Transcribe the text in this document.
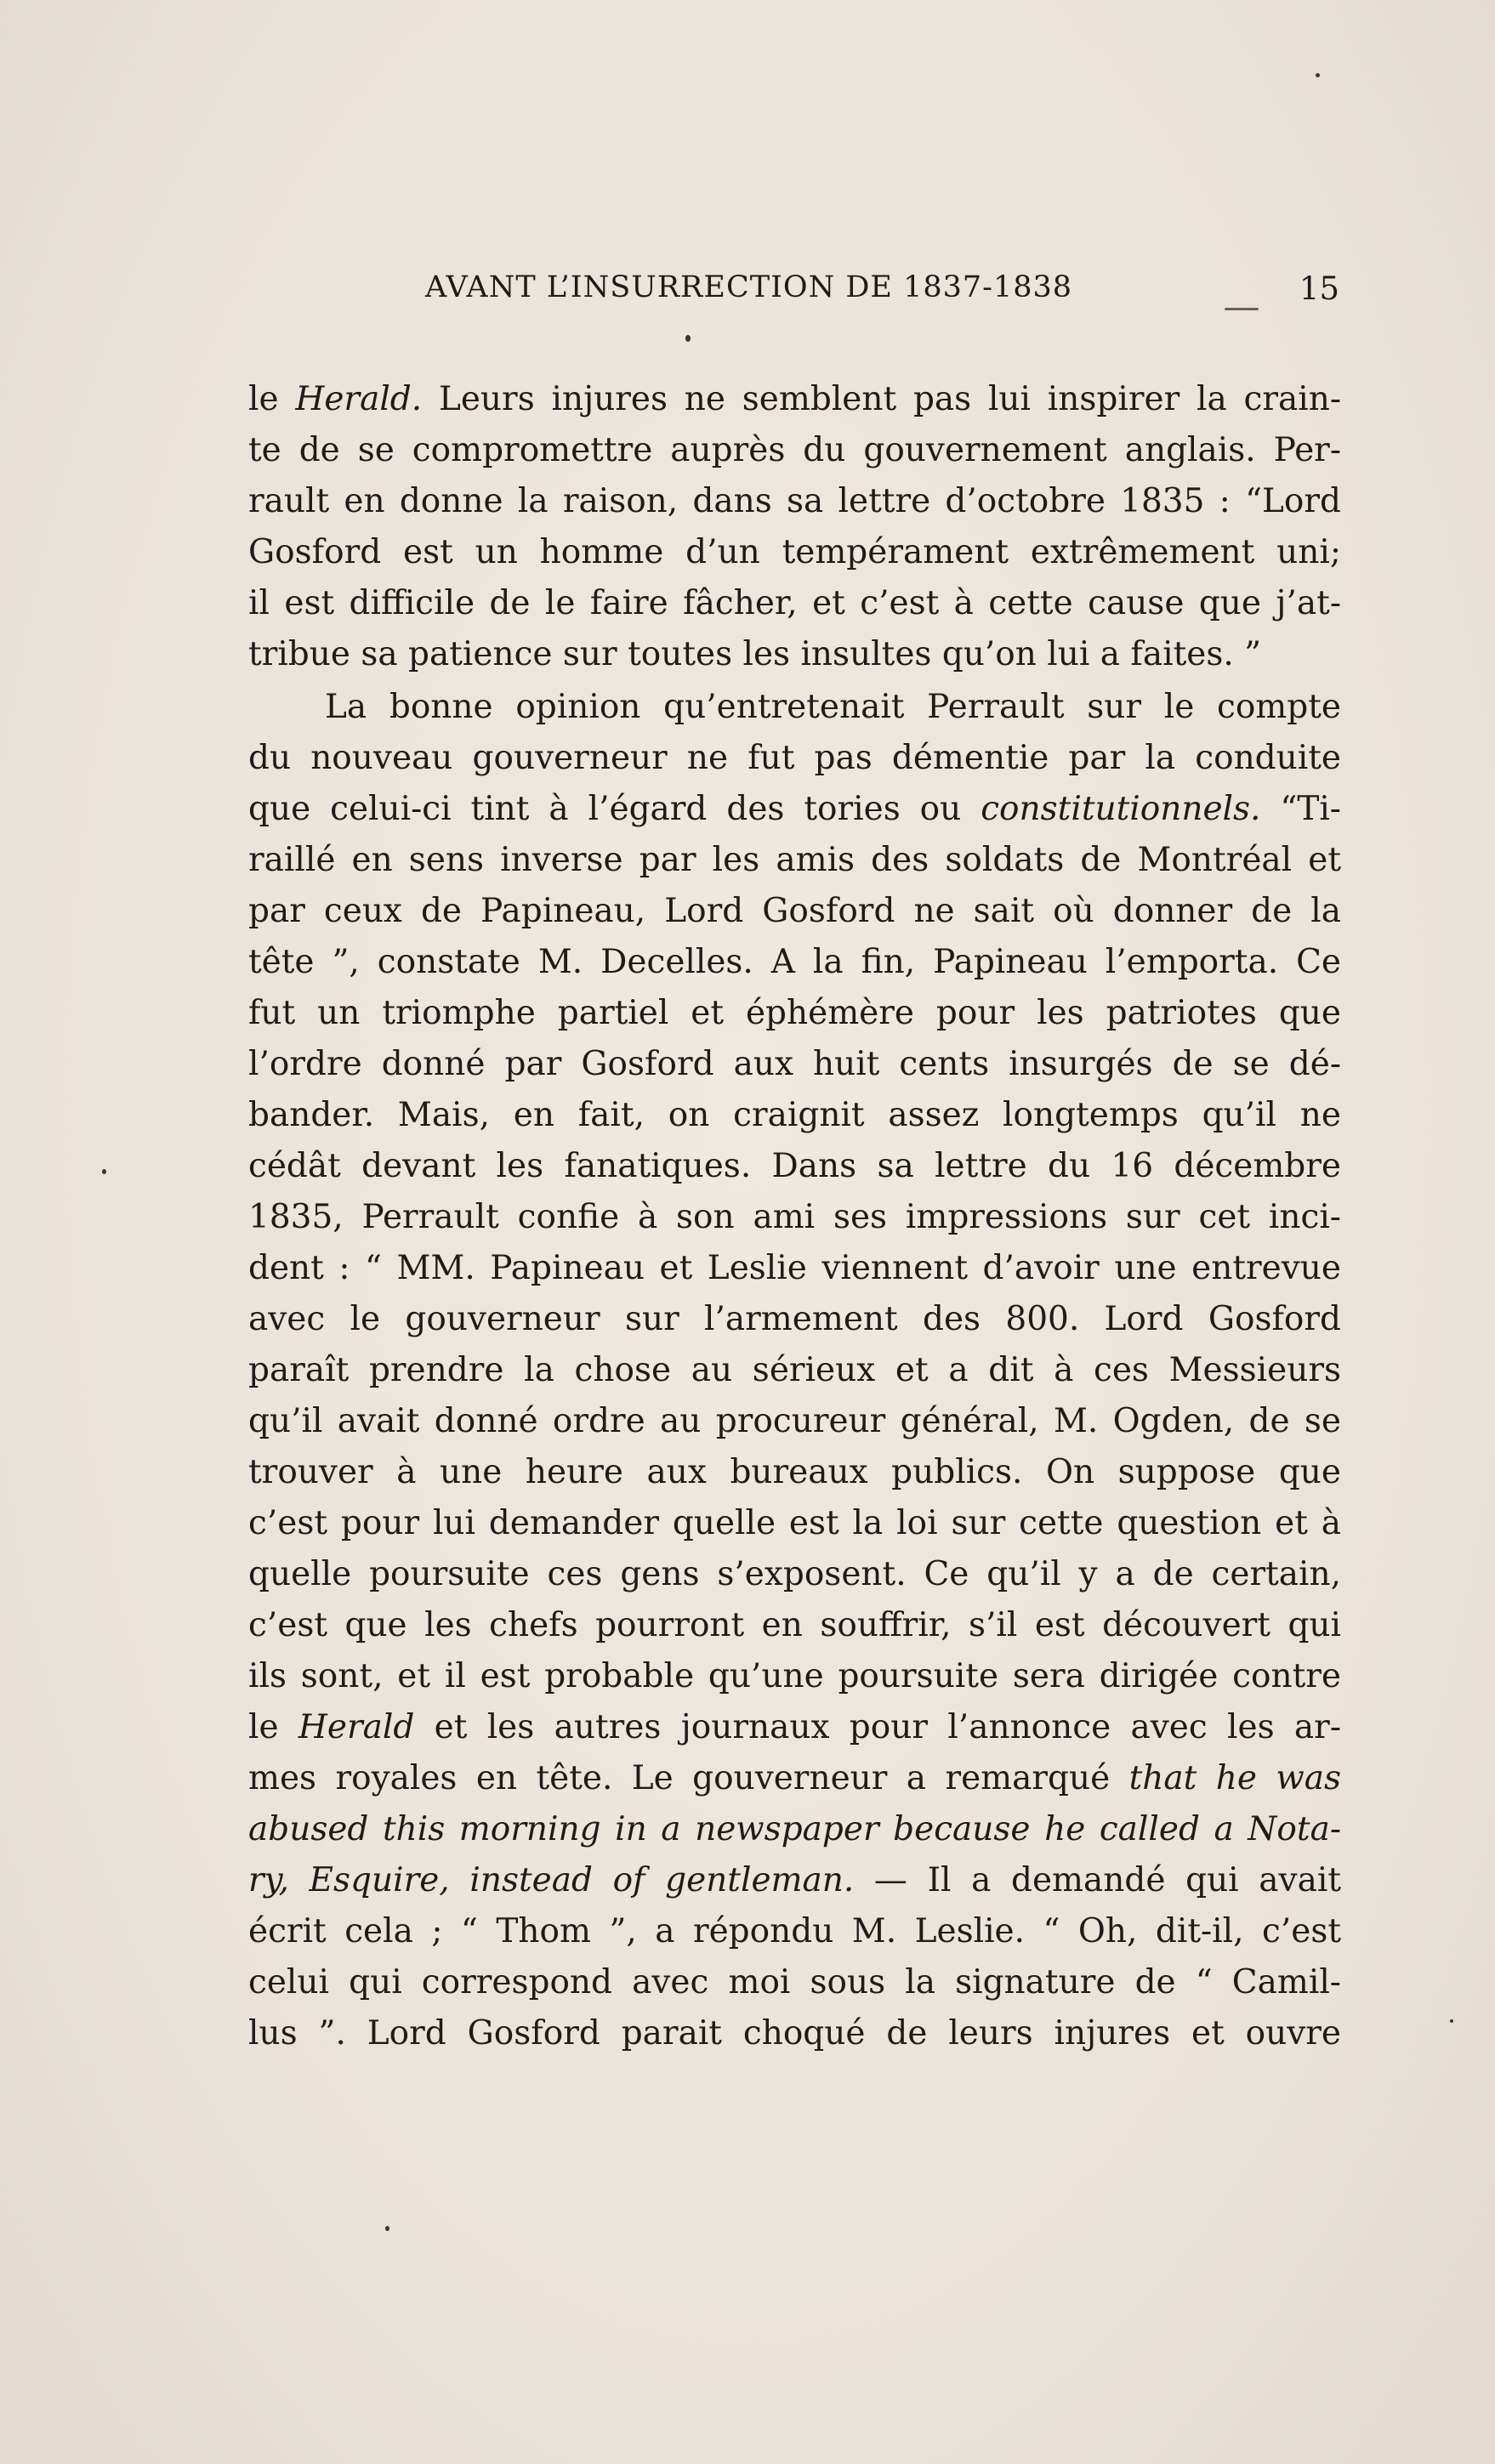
AVANT L’INSURRECTION DE 1837-1838	15
le Herald. Leurs injures ne semblent pas lui inspirer la crain-
te de se compromettre auprès du gouvernement anglais. Per-
rault en donne la raison, dans sa lettre d’octobre 1835 : “Lord
Gosford est un homme d’un tempérament extrêmement uni;
il est difficile de le faire fâcher, et c’est à cette cause que j’at-
tribue sa patience sur toutes les insultes qu’on lui a faites. ”
La bonne opinion qu’entretenait Perrault sur le compte
du nouveau gouverneur ne fut pas démentie par la conduite
que celui-ci tint à l’égard des tories ou constitutionnels. “Ti-
raillé en sens inverse par les amis des soldats de Montréal et
par ceux de Papineau, Lord Gosford ne sait où donner de la
tête ”, constate M. Decelles. A la fin, Papineau l’emporta. Ce
fut un triomphe partiel et éphémère pour les patriotes que
l’ordre donné par Gosford aux huit cents insurgés de se dé-
bander. Mais, en fait, on craignit assez longtemps qu’il ne
cédât devant les fanatiques. Dans sa lettre du 16 décembre
1835, Perrault confie à son ami ses impressions sur cet inci-
dent : “ MM. Papineau et Leslie viennent d’avoir une entrevue
avec le gouverneur sur l’armement des 800. Lord Gosford
paraît prendre la chose au sérieux et a dit à ces Messieurs
qu’il avait donné ordre au procureur général, M. Ogden, de se
trouver à une heure aux bureaux publics. On suppose que
c’est pour lui demander quelle est la loi sur cette question et à
quelle poursuite ces gens s’exposent. Ce qu’il y a de certain,
c’est que les chefs pourront en souffrir, s’il est découvert qui
ils sont, et il est probable qu’une poursuite sera dirigée contre
le Herald et les autres journaux pour l’annonce avec les ar-
mes royales en tête. Le gouverneur a remarqué that he was
abused this morning in a newspaper because he called a Nota-
ry, Esquire, instead of gentleman. — Il a demandé qui avait
écrit cela ; “ Thom ”, a répondu M. Leslie. “ Oh, dit-il, c’est
celui qui correspond avec moi sous la signature de “ Camil-
lus ”. Lord Gosford parait choqué de leurs injures et ouvre
